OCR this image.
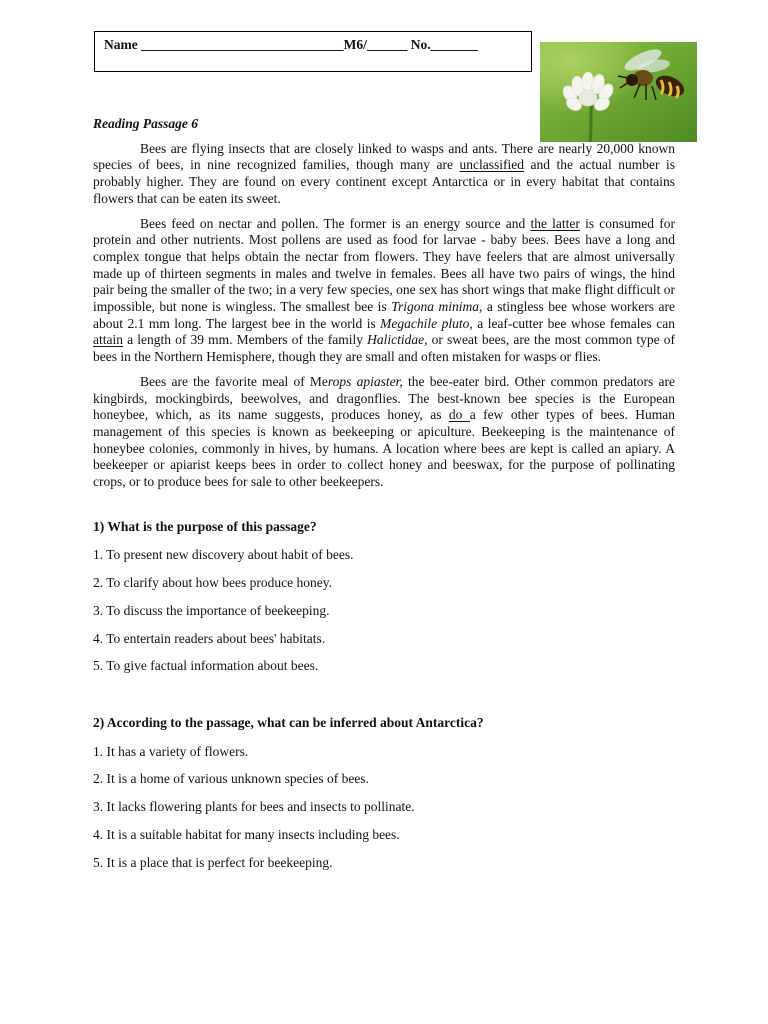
Name ______________________________M6/______ No._______
Reading Passage 6

Bees are flying insects that are closely linked to wasps and ants. There are nearly 20,000 known species of bees, in nine recognized families, though many are unclassified and the actual number is probably higher. They are found on every continent except Antarctica or in every habitat that contains flowers that can be eaten its sweet.

Bees feed on nectar and pollen. The former is an energy source and the latter is consumed for protein and other nutrients. Most pollens are used as food for larvae - baby bees. Bees have a long and complex tongue that helps obtain the nectar from flowers. They have feelers that are almost universally made up of thirteen segments in males and twelve in females. Bees all have two pairs of wings, the hind pair being the smaller of the two; in a very few species, one sex has short wings that make flight difficult or impossible, but none is wingless. The smallest bee is Trigona minima, a stingless bee whose workers are about 2.1 mm long. The largest bee in the world is Megachile pluto, a leaf-cutter bee whose females can attain a length of 39 mm. Members of the family Halictidae, or sweat bees, are the most common type of bees in the Northern Hemisphere, though they are small and often mistaken for wasps or flies.

Bees are the favorite meal of Merops apiaster, the bee-eater bird. Other common predators are kingbirds, mockingbirds, beewolves, and dragonflies. The best-known bee species is the European honeybee, which, as its name suggests, produces honey, as do a few other types of bees. Human management of this species is known as beekeeping or apiculture. Beekeeping is the maintenance of honeybee colonies, commonly in hives, by humans. A location where bees are kept is called an apiary. A beekeeper or apiarist keeps bees in order to collect honey and beeswax, for the purpose of pollinating crops, or to produce bees for sale to other beekeepers.

1) What is the purpose of this passage?

1. To present new discovery about habit of bees.

2. To clarify about how bees produce honey.

3. To discuss the importance of beekeeping.

4. To entertain readers about bees' habitats.

5. To give factual information about bees.

2) According to the passage, what can be inferred about Antarctica?

1. It has a variety of flowers.

2. It is a home of various unknown species of bees.

3. It lacks flowering plants for bees and insects to pollinate.

4. It is a suitable habitat for many insects including bees.

5. It is a place that is perfect for beekeeping.
